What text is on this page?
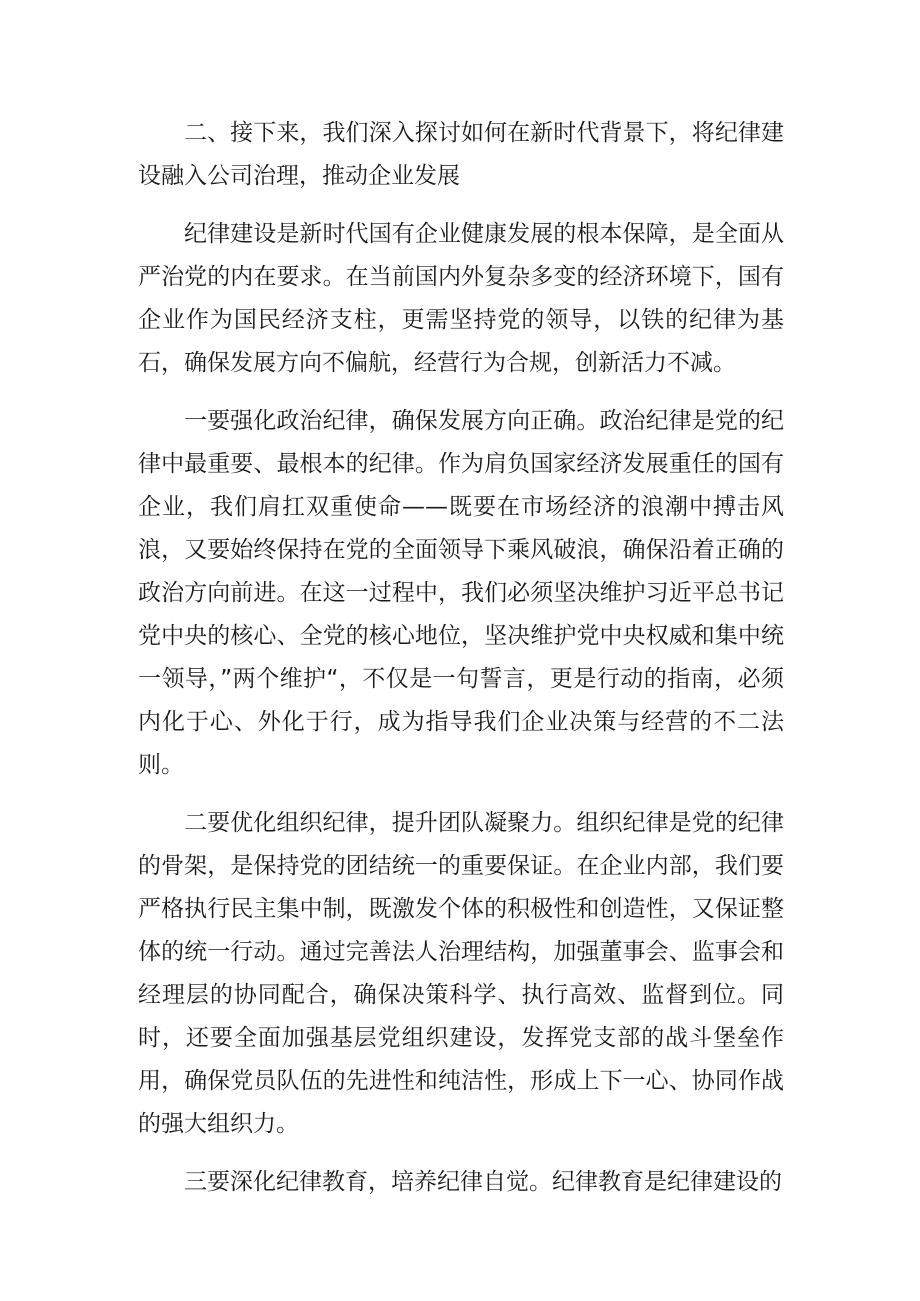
二、接下来，我们深入探讨如何在新时代背景下，将纪律建设融入公司治理，推动企业发展

纪律建设是新时代国有企业健康发展的根本保障，是全面从严治党的内在要求。在当前国内外复杂多变的经济环境下，国有企业作为国民经济支柱，更需坚持党的领导，以铁的纪律为基石，确保发展方向不偏航，经营行为合规，创新活力不减。

一要强化政治纪律，确保发展方向正确。政治纪律是党的纪律中最重要、最根本的纪律。作为肩负国家经济发展重任的国有企业，我们肩扛双重使命——既要在市场经济的浪潮中搏击风浪，又要始终保持在党的全面领导下乘风破浪，确保沿着正确的政治方向前进。在这一过程中，我们必须坚决维护习近平总书记党中央的核心、全党的核心地位，坚决维护党中央权威和集中统一领导，”两个维护“，不仅是一句誓言，更是行动的指南，必须内化于心、外化于行，成为指导我们企业决策与经营的不二法则。

二要优化组织纪律，提升团队凝聚力。组织纪律是党的纪律的骨架，是保持党的团结统一的重要保证。在企业内部，我们要严格执行民主集中制，既激发个体的积极性和创造性，又保证整体的统一行动。通过完善法人治理结构，加强董事会、监事会和经理层的协同配合，确保决策科学、执行高效、监督到位。同时，还要全面加强基层党组织建设，发挥党支部的战斗堡垒作用，确保党员队伍的先进性和纯洁性，形成上下一心、协同作战的强大组织力。

三要深化纪律教育，培养纪律自觉。纪律教育是纪律建设的
